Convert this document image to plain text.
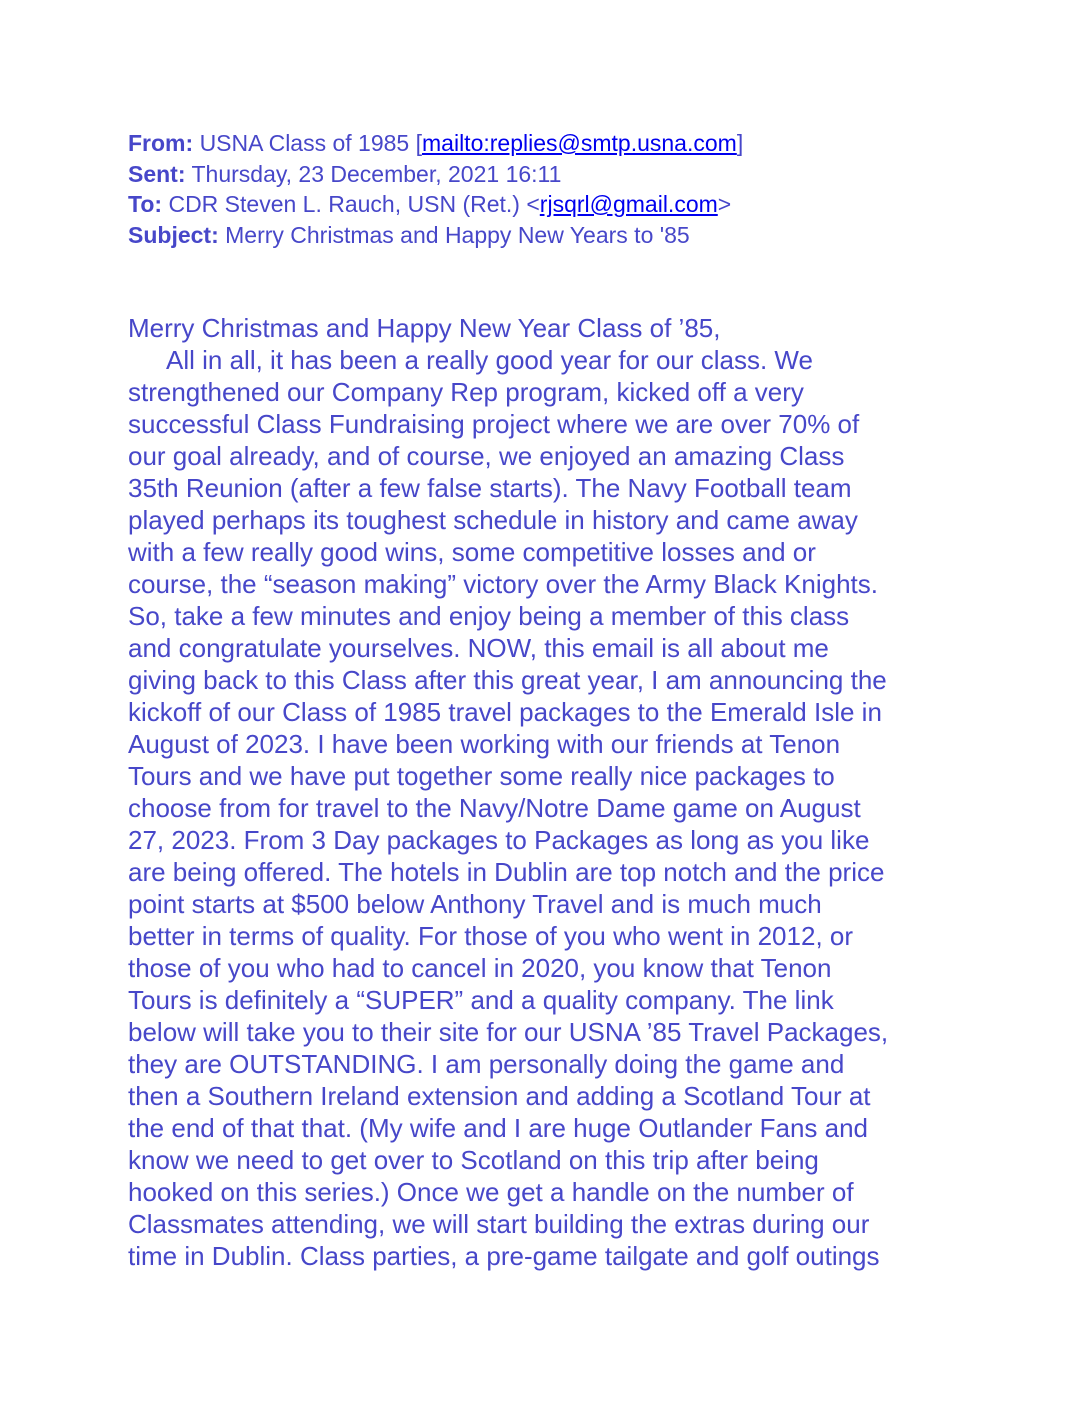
From: USNA Class of 1985 [mailto:replies@smtp.usna.com]
Sent: Thursday, 23 December, 2021 16:11
To: CDR Steven L. Rauch, USN (Ret.) <rjsqrl@gmail.com>
Subject: Merry Christmas and Happy New Years to '85
Merry Christmas and Happy New Year Class of ’85,
All in all, it has been a really good year for our class. We
strengthened our Company Rep program, kicked off a very
successful Class Fundraising project where we are over 70% of
our goal already, and of course, we enjoyed an amazing Class
35th Reunion (after a few false starts). The Navy Football team
played perhaps its toughest schedule in history and came away
with a few really good wins, some competitive losses and or
course, the “season making” victory over the Army Black Knights.
So, take a few minutes and enjoy being a member of this class
and congratulate yourselves. NOW, this email is all about me
giving back to this Class after this great year, I am announcing the
kickoff of our Class of 1985 travel packages to the Emerald Isle in
August of 2023. I have been working with our friends at Tenon
Tours and we have put together some really nice packages to
choose from for travel to the Navy/Notre Dame game on August
27, 2023. From 3 Day packages to Packages as long as you like
are being offered. The hotels in Dublin are top notch and the price
point starts at $500 below Anthony Travel and is much much
better in terms of quality. For those of you who went in 2012, or
those of you who had to cancel in 2020, you know that Tenon
Tours is definitely a “SUPER” and a quality company. The link
below will take you to their site for our USNA ’85 Travel Packages,
they are OUTSTANDING. I am personally doing the game and
then a Southern Ireland extension and adding a Scotland Tour at
the end of that that. (My wife and I are huge Outlander Fans and
know we need to get over to Scotland on this trip after being
hooked on this series.) Once we get a handle on the number of
Classmates attending, we will start building the extras during our
time in Dublin. Class parties, a pre-game tailgate and golf outings
